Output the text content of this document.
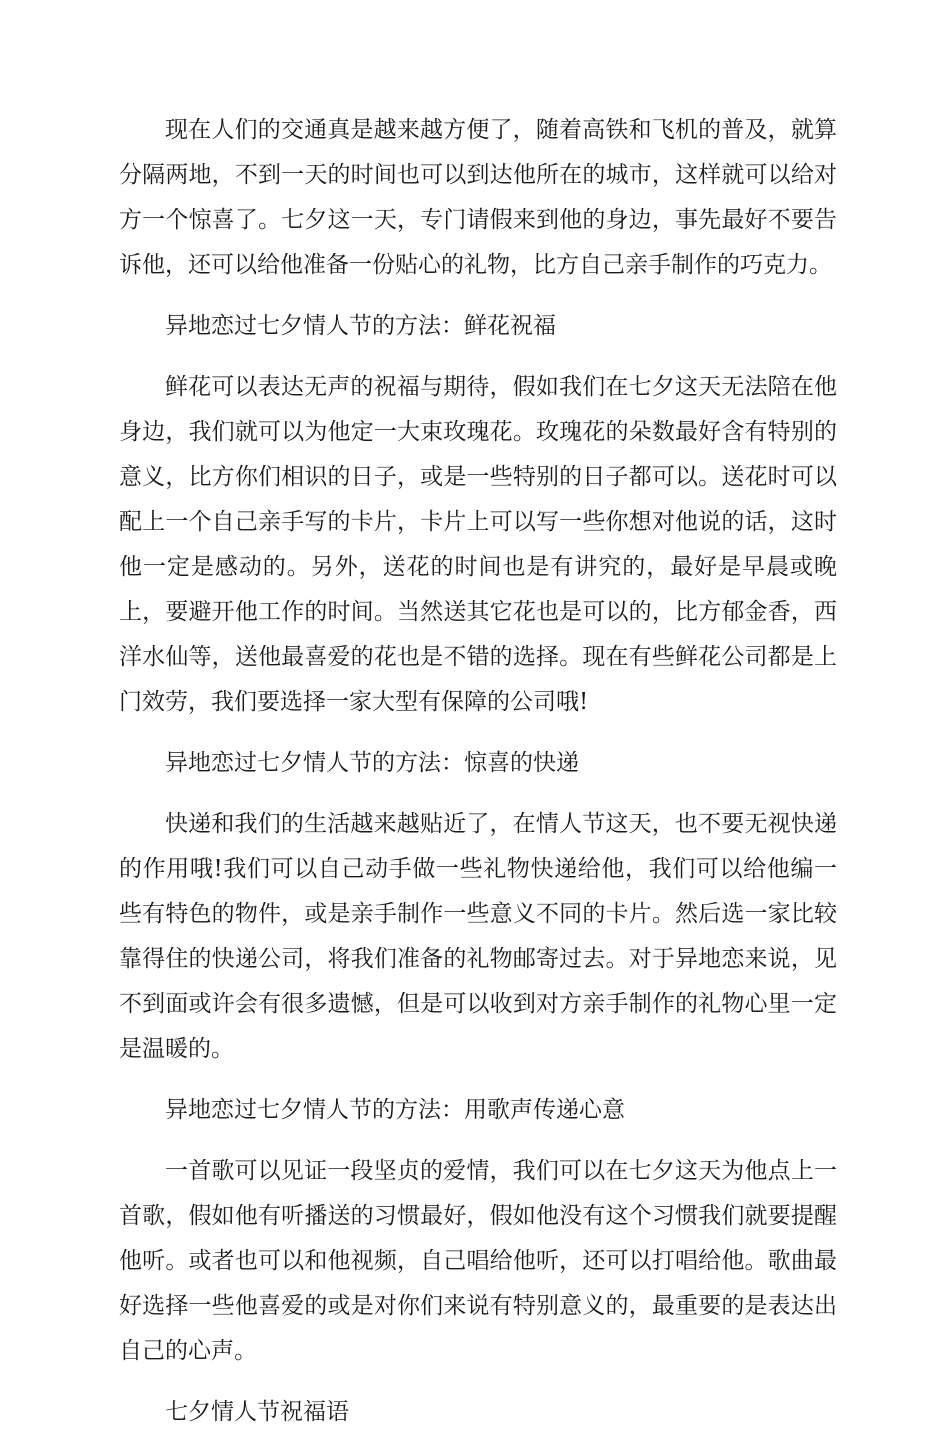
现在人们的交通真是越来越方便了，随着高铁和飞机的普及，就算分隔两地，不到一天的时间也可以到达他所在的城市，这样就可以给对方一个惊喜了。七夕这一天，专门请假来到他的身边，事先最好不要告诉他，还可以给他准备一份贴心的礼物，比方自己亲手制作的巧克力。

异地恋过七夕情人节的方法：鲜花祝福

鲜花可以表达无声的祝福与期待，假如我们在七夕这天无法陪在他身边，我们就可以为他定一大束玫瑰花。玫瑰花的朵数最好含有特别的意义，比方你们相识的日子，或是一些特别的日子都可以。送花时可以配上一个自己亲手写的卡片，卡片上可以写一些你想对他说的话，这时他一定是感动的。另外，送花的时间也是有讲究的，最好是早晨或晚上，要避开他工作的时间。当然送其它花也是可以的，比方郁金香，西洋水仙等，送他最喜爱的花也是不错的选择。现在有些鲜花公司都是上门效劳，我们要选择一家大型有保障的公司哦!

异地恋过七夕情人节的方法：惊喜的快递

快递和我们的生活越来越贴近了，在情人节这天，也不要无视快递的作用哦!我们可以自己动手做一些礼物快递给他，我们可以给他编一些有特色的物件，或是亲手制作一些意义不同的卡片。然后选一家比较靠得住的快递公司，将我们准备的礼物邮寄过去。对于异地恋来说，见不到面或许会有很多遗憾，但是可以收到对方亲手制作的礼物心里一定是温暖的。

异地恋过七夕情人节的方法：用歌声传递心意

一首歌可以见证一段坚贞的爱情，我们可以在七夕这天为他点上一首歌，假如他有听播送的习惯最好，假如他没有这个习惯我们就要提醒他听。或者也可以和他视频，自己唱给他听，还可以打唱给他。歌曲最好选择一些他喜爱的或是对你们来说有特别意义的，最重要的是表达出自己的心声。

七夕情人节祝福语
